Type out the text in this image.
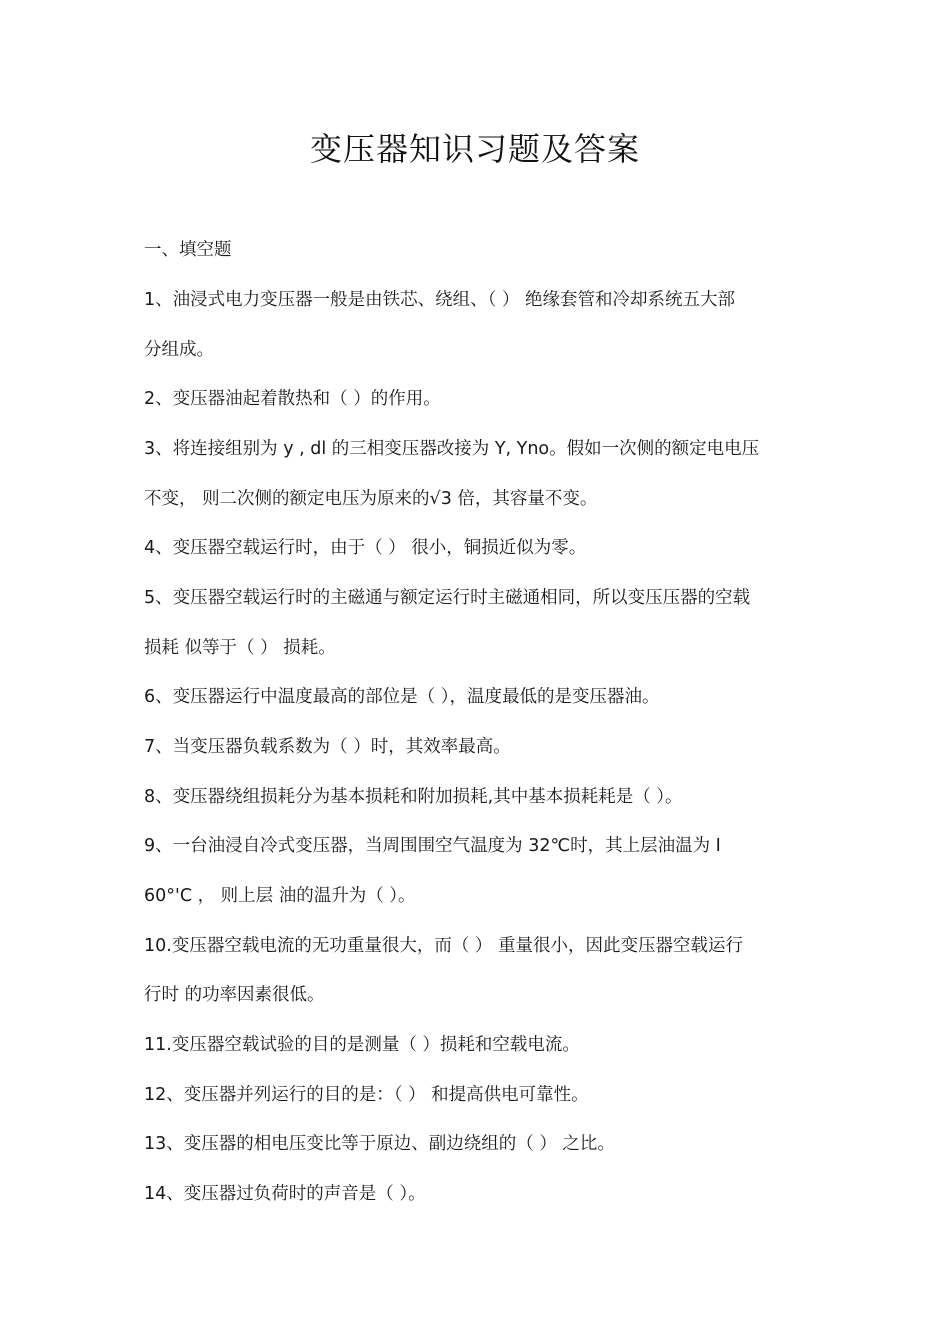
变压器知识习题及答案
一、填空题
1、油浸式电力变压器一般是由铁芯、绕组、（ ） 绝缘套管和冷却系统五大部
分组成。
2、变压器油起着散热和（ ）的作用。
3、将连接组别为 y , dl 的三相变压器改接为 Y, Yno。假如一次侧的额定电电压
不变， 则二次侧的额定电压为原来的√3 倍，其容量不变。
4、变压器空载运行时，由于（ ） 很小，铜损近似为零。
5、变压器空载运行时的主磁通与额定运行时主磁通相同，所以变压压器的空载
损耗 似等于（ ） 损耗。
6、变压器运行中温度最高的部位是（ ），温度最低的是变压器油。
7、当变压器负载系数为（ ）时，其效率最高。
8、变压器绕组损耗分为基本损耗和附加损耗,其中基本损耗耗是（ ）。
9、一台油浸自冷式变压器，当周围围空气温度为 32℃时，其上层油温为 I
60°'C ， 则上层 油的温升为（ ）。
10.变压器空载电流的无功重量很大，而（ ） 重量很小，因此变压器空载运行
行时 的功率因素很低。
11.变压器空载试验的目的是测量（ ）损耗和空载电流。
12、变压器并列运行的目的是：（ ） 和提高供电可靠性。
13、变压器的相电压变比等于原边、副边绕组的（ ） 之比。
14、变压器过负荷时的声音是（ ）。
